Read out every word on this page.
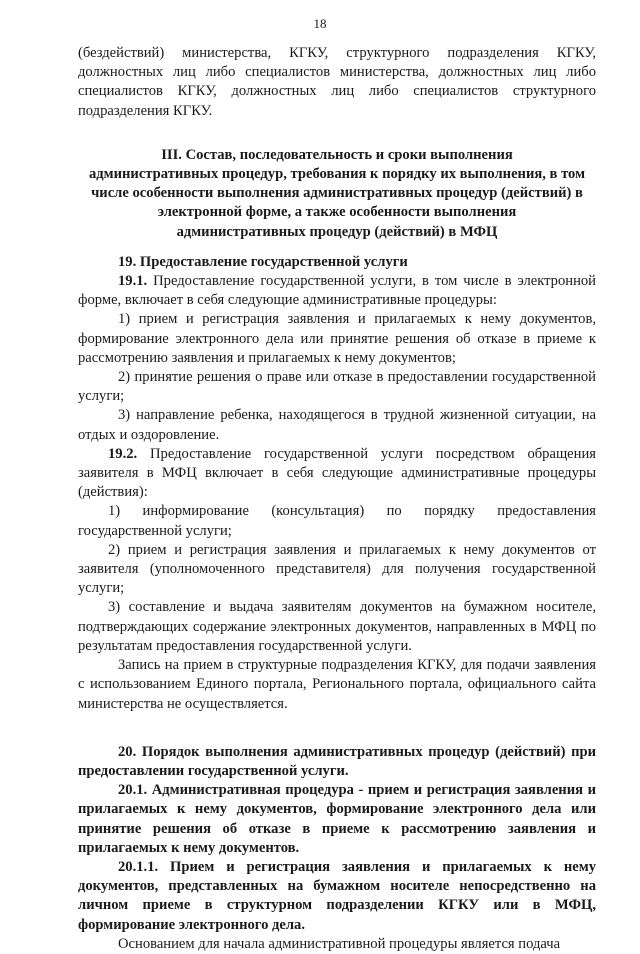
18

(бездействий) министерства, КГКУ, структурного подразделения КГКУ, должностных лиц либо специалистов министерства, должностных лиц либо специалистов КГКУ, должностных лиц либо специалистов структурного подразделения КГКУ.

III. Состав, последовательность и сроки выполнения
административных процедур, требования к порядку их выполнения, в том
числе особенности выполнения административных процедур (действий) в
электронной форме, а также особенности выполнения
административных процедур (действий) в МФЦ

19. Предоставление государственной услуги

19.1. Предоставление государственной услуги, в том числе в электронной форме, включает в себя следующие административные процедуры:

1) прием и регистрация заявления и прилагаемых к нему документов, формирование электронного дела или принятие решения об отказе в приеме к рассмотрению заявления и прилагаемых к нему документов;

2) принятие решения о праве или отказе в предоставлении государственной услуги;

3) направление ребенка, находящегося в трудной жизненной ситуации, на отдых и оздоровление.

19.2. Предоставление государственной услуги посредством обращения заявителя в МФЦ включает в себя следующие административные процедуры (действия):

1) информирование (консультация) по порядку предоставления государственной услуги;

2) прием и регистрация заявления и прилагаемых к нему документов от заявителя (уполномоченного представителя) для получения государственной услуги;

3) составление и выдача заявителям документов на бумажном носителе, подтверждающих содержание электронных документов, направленных в МФЦ по результатам предоставления государственной услуги.

Запись на прием в структурные подразделения КГКУ, для подачи заявления с использованием Единого портала, Регионального портала, официального сайта министерства не осуществляется.

20. Порядок выполнения административных процедур (действий) при предоставлении государственной услуги.

20.1. Административная процедура - прием и регистрация заявления и прилагаемых к нему документов, формирование электронного дела или принятие решения об отказе в приеме к рассмотрению заявления и прилагаемых к нему документов.

20.1.1. Прием и регистрация заявления и прилагаемых к нему документов, представленных на бумажном носителе непосредственно на личном приеме в структурном подразделении КГКУ или в МФЦ, формирование электронного дела.

Основанием для начала административной процедуры является подача
